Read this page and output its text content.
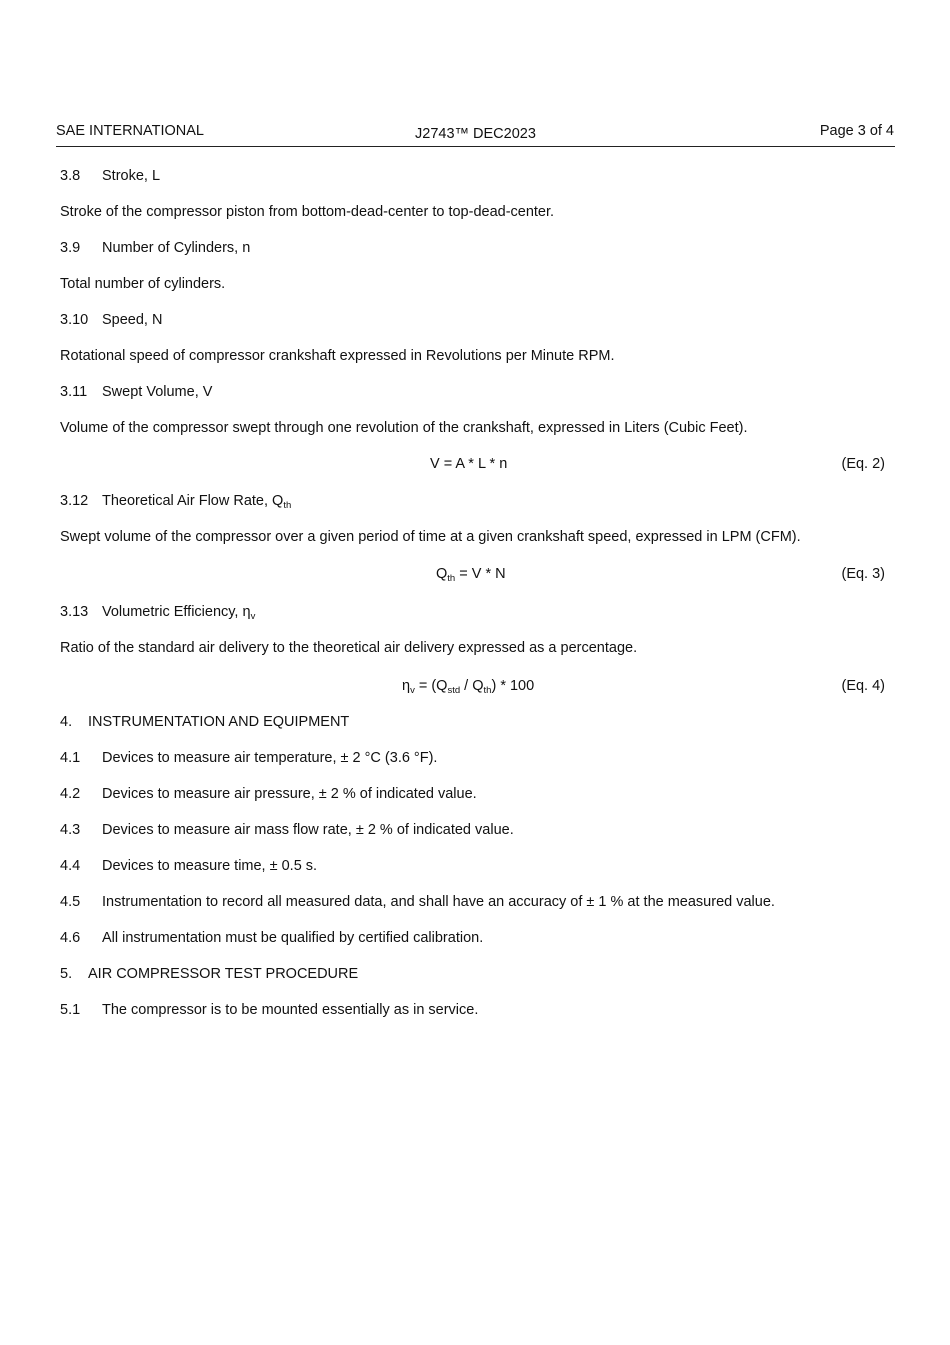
SAE INTERNATIONAL	J2743™ DEC2023	Page 3 of 4
3.8 Stroke, L
Stroke of the compressor piston from bottom-dead-center to top-dead-center.
3.9 Number of Cylinders, n
Total number of cylinders.
3.10 Speed, N
Rotational speed of compressor crankshaft expressed in Revolutions per Minute RPM.
3.11 Swept Volume, V
Volume of the compressor swept through one revolution of the crankshaft, expressed in Liters (Cubic Feet).
V = A * L * n	(Eq. 2)
3.12 Theoretical Air Flow Rate, $Q_{th}$
Swept volume of the compressor over a given period of time at a given crankshaft speed, expressed in LPM (CFM).
$Q_{th} = V * N$	(Eq. 3)
3.13 Volumetric Efficiency, $\eta_v$
Ratio of the standard air delivery to the theoretical air delivery expressed as a percentage.
$\eta_v = (Q_{std} / Q_{th}) * 100$	(Eq. 4)
4. INSTRUMENTATION AND EQUIPMENT
4.1 Devices to measure air temperature, ± 2 °C (3.6 °F).
4.2 Devices to measure air pressure, ± 2 % of indicated value.
4.3 Devices to measure air mass flow rate, ± 2 % of indicated value.
4.4 Devices to measure time, ± 0.5 s.
4.5 Instrumentation to record all measured data, and shall have an accuracy of ± 1 % at the measured value.
4.6 All instrumentation must be qualified by certified calibration.
5. AIR COMPRESSOR TEST PROCEDURE
5.1 The compressor is to be mounted essentially as in service.
